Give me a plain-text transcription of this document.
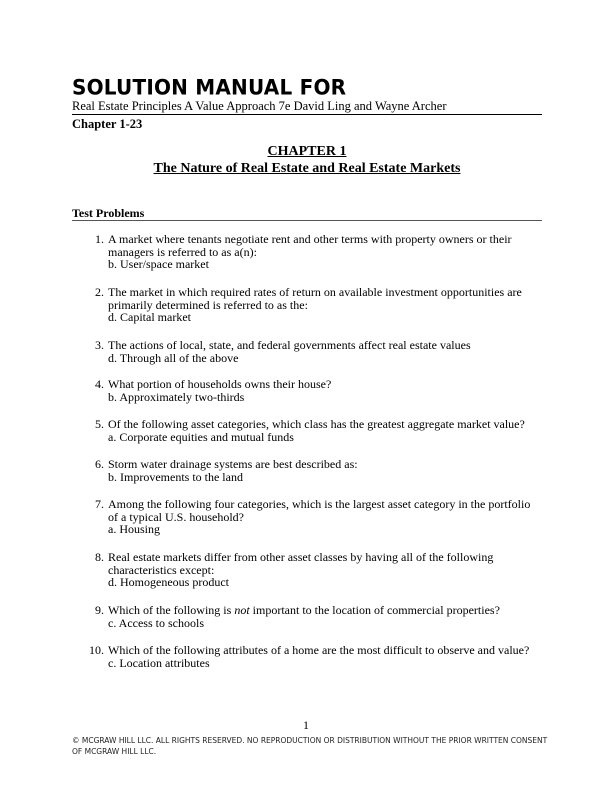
SOLUTION MANUAL FOR
Real Estate Principles A Value Approach 7e David Ling and Wayne Archer
Chapter 1-23
CHAPTER 1
The Nature of Real Estate and Real Estate Markets
Test Problems
1. A market where tenants negotiate rent and other terms with property owners or their managers is referred to as a(n):
b. User/space market
2. The market in which required rates of return on available investment opportunities are primarily determined is referred to as the:
d. Capital market
3. The actions of local, state, and federal governments affect real estate values
d. Through all of the above
4. What portion of households owns their house?
b. Approximately two-thirds
5. Of the following asset categories, which class has the greatest aggregate market value?
a. Corporate equities and mutual funds
6. Storm water drainage systems are best described as:
b. Improvements to the land
7. Among the following four categories, which is the largest asset category in the portfolio of a typical U.S. household?
a. Housing
8. Real estate markets differ from other asset classes by having all of the following characteristics except:
d. Homogeneous product
9. Which of the following is not important to the location of commercial properties?
c. Access to schools
10. Which of the following attributes of a home are the most difficult to observe and value?
c. Location attributes
1
© MCGRAW HILL LLC. ALL RIGHTS RESERVED. NO REPRODUCTION OR DISTRIBUTION WITHOUT THE PRIOR WRITTEN CONSENT OF MCGRAW HILL LLC.
